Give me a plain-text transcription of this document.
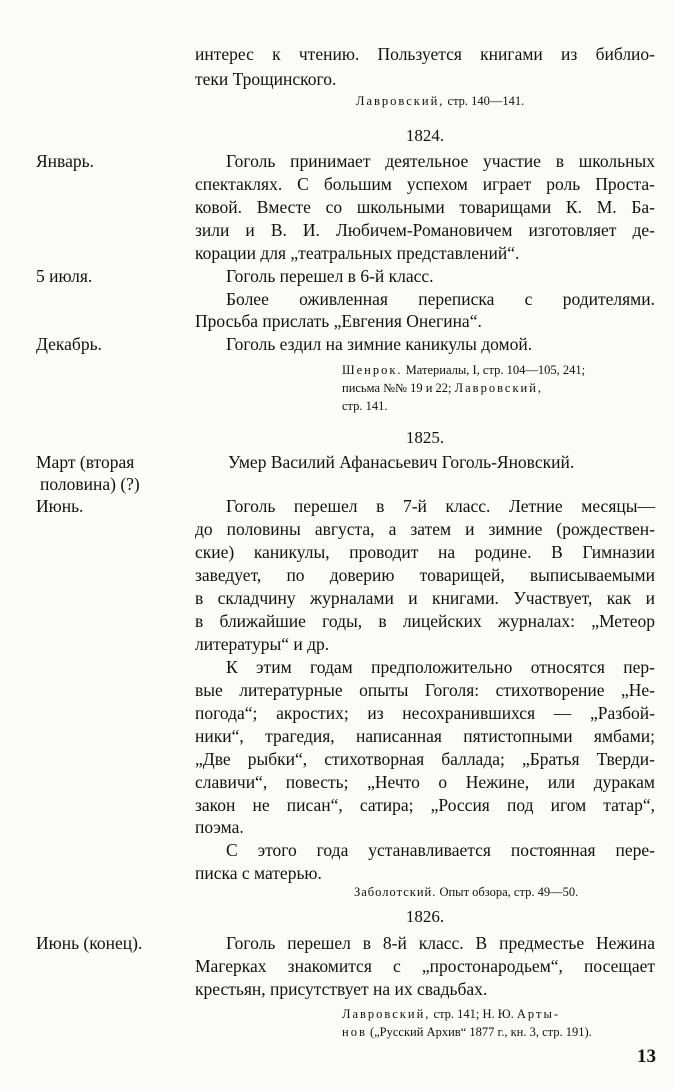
интерес к чтению. Пользуется книгами из библио-
теки Трощинского.
Лавровский, стр. 140—141.
1824.
Январь.
5 июля.
Декабрь.
Гоголь принимает деятельное участие в школьных
спектаклях. С большим успехом играет роль Проста-
ковой. Вместе со школьными товарищами К. М. Ба-
зили и В. И. Любичем-Романовичем изготовляет де-
корации для „театральных представлений“.
Гоголь перешел в 6-й класс.
Более оживленная переписка с родителями.
Просьба прислать „Евгения Онегина“.
Гоголь ездил на зимние каникулы домой.
Шенрок. Материалы, I, стр. 104—105, 241;
письма №№ 19 и 22; Лавровский,
стр. 141.
1825.
Март (вторая
половина) (?)
Июнь.
Умер Василий Афанасьевич Гоголь-Яновский.
Гоголь перешел в 7-й класс. Летние месяцы—
до половины августа, а затем и зимние (рождествен-
ские) каникулы, проводит на родине. В Гимназии
заведует, по доверию товарищей, выписываемыми
в складчину журналами и книгами. Участвует, как и
в ближайшие годы, в лицейских журналах: „Метеор
литературы“ и др.
К этим годам предположительно относятся пер-
вые литературные опыты Гоголя: стихотворение „Не-
погода“; акростих; из несохранившихся — „Разбой-
ники“, трагедия, написанная пятистопными ямбами;
„Две рыбки“, стихотворная баллада; „Братья Тверди-
славичи“, повесть; „Нечто о Нежине, или дуракам
закон не писан“, сатира; „Россия под игом татар“,
поэма.
С этого года устанавливается постоянная пере-
писка с матерью.
Заболотский. Опыт обзора, стр. 49—50.
1826.
Июнь (конец).	Гоголь перешел в 8-й класс. В предместье Нежина
Магерках знакомится с „простонародьем“, посещает
крестьян, присутствует на их свадьбах.
Лавровский, стр. 141; Н. Ю. Арты-
нов („Русский Архив“ 1877 г., кн. 3, стр. 191).
13
